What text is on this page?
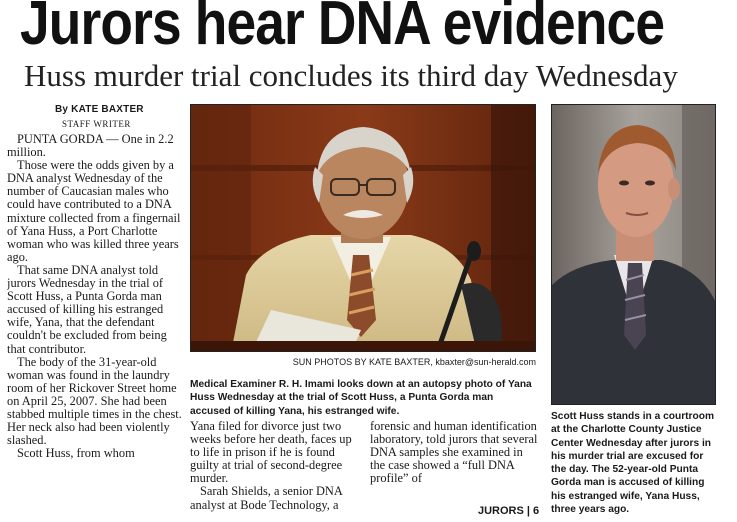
Jurors hear DNA evidence
Huss murder trial concludes its third day Wednesday
By KATE BAXTER
STAFF WRITER

PUNTA GORDA — One in 2.2 million.

Those were the odds given by a DNA analyst Wednesday of the number of Caucasian males who could have contributed to a DNA mixture collected from a fingernail of Yana Huss, a Port Charlotte woman who was killed three years ago.

That same DNA analyst told jurors Wednesday in the trial of Scott Huss, a Punta Gorda man accused of killing his estranged wife, Yana, that the defendant couldn't be excluded from being that contributor.

The body of the 31-year-old woman was found in the laundry room of her Rickover Street home on April 25, 2007. She had been stabbed multiple times in the chest. Her neck also had been violently slashed.

Scott Huss, from whom

SUN PHOTOS BY KATE BAXTER, kbaxter@sun-herald.com
Medical Examiner R. H. Imami looks down at an autopsy photo of Yana Huss Wednesday at the trial of Scott Huss, a Punta Gorda man accused of killing Yana, his estranged wife.	Scott Huss stands in a courtroom at the Charlotte County Justice Center Wednesday after jurors in his murder trial are excused for the day. The 52-year-old Punta Gorda man is accused of killing his estranged wife, Yana Huss, three years ago.

Yana filed for divorce just two weeks before her death, faces up to life in prison if he is found guilty at trial of second-degree murder.

Sarah Shields, a senior DNA analyst at Bode Technology, a

forensic and human identification laboratory, told jurors that several DNA samples she examined in the case showed a “full DNA profile” of

JURORS | 6
